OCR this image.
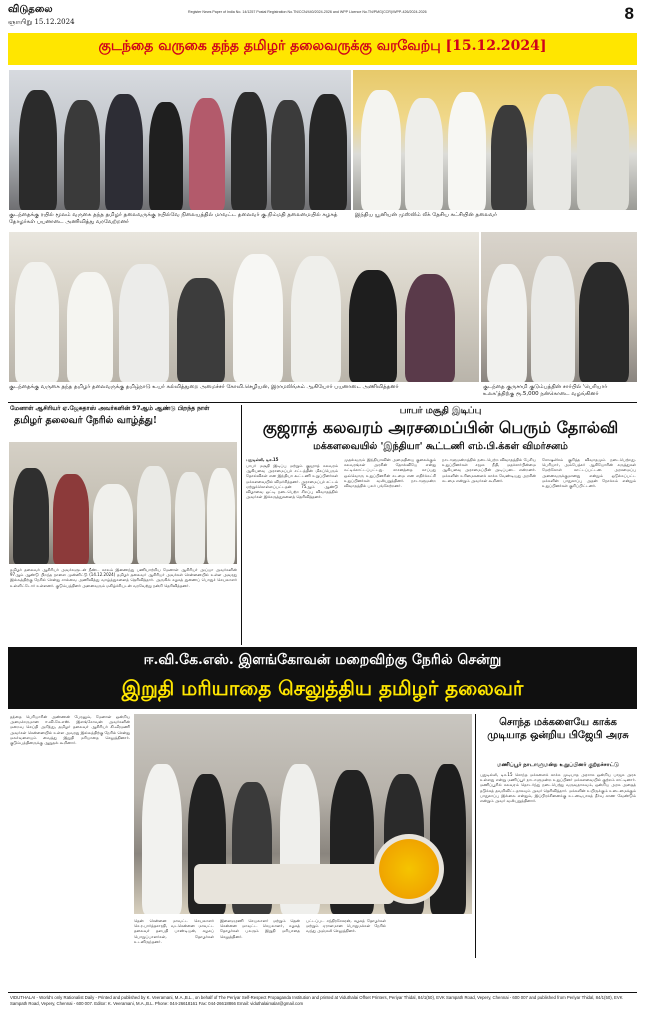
விடுதலை
ஞாயிறு 15.12.2024
Register News Paper of India No. 14/1257 Postal Registration No.TN/CCN/440/2024-2026 and WPP Licence No.TN/PMG(CCR)/WPP-426/2024-2026	8
குடந்தை வருகை தந்த தமிழர் தலைவருக்கு வரவேற்பு [15.12.2024]
குடந்தைக்கு ரயில் மூலம் வருகை தந்த தமிழர் தலைவருக்கு ரயில்வே நிலையத்தில் மாவட்ட தலைவர் கு.நிம்மதி தலைமையில் கழகத் தோழர்கள் பயனாடை அணிவித்து வரவேற்றனர்
இந்திய யூனியன் முஸ்லிம் லீக் தேசிய கட்சியின் தலைவர்
குடந்தைக்கு வருகை தந்த தமிழர் தலைவருக்கு தமிழ்நாடு உயர் கல்வித்துறை அமைச்சர் கோவி.செழியன், இராமலிங்கம் ஆகியோர் பயனாடை அணிவித்தனர்	குடந்தை குருசாமி குடும்பத்தின் சார்பில் 'பெரியார் உலக'த்திற்கு ரூ.5,000 நன்கொடை வழங்கினர்
மேனாள் ஆசிரியர் ஏ.ஜேசுதாஸ் அவர்களின் 97ஆம் ஆண்டு பிறந்த நாள்
தமிழர் தலைவர் நேரில் வாழ்த்து!
தமிழர் தலைவர் ஆசிரியர் அவர்களுடன் நீண்ட காலம் இணைந்து பணியாற்றிய மேனாள் ஆசிரியர் அய்யா அவர்களின் 97ஆம் ஆண்டு பிறந்த நாளை முன்னிட்டு (14.12.2024) தமிழர் தலைவர் ஆசிரியர் அவர்கள் சென்னையில் உள்ள அவரது இல்லத்திற்கு நேரில் சென்று சால்வை அணிவித்து வாழ்த்துகளைத் தெரிவித்தார். அருகில் கழகத் துணைப் பொதுச் செயலாளர் உள்ளிட்டோர் உள்ளனர். குடும்பத்தினர் அனைவரும் மகிழ்ச்சியுடன் வரவேற்று நன்றி தெரிவித்தனர்.
பாபர் மசூதி இடிப்பு
குஜராத் கலவரம் அரசமைப்பின் பெரும் தோல்வி
மக்களவையில் 'இந்தியா' கூட்டணி எம்.பி.க்கள் விமர்சனம்
புதுடில்லி, டிச.15
பாபர் மசூதி இடிப்பு மற்றும் குஜராத் கலவரம் ஆகியவை அரசமைப்புச் சட்டத்தின் மிகப்பெரும் தோல்விகள் என இந்தியா கூட்டணி உறுப்பினர்கள் மக்களவையில் விமர்சித்தனர். அரசமைப்புச் சட்டம் ஏற்றுக்கொள்ளப்பட்டதன் 75ஆம் ஆண்டு விழாவை ஒட்டி நடைபெற்ற சிறப்பு விவாதத்தில் அவர்கள் இக்கருத்துகளைத் தெரிவித்தனர்.
முதல்வரும் இந்தியாவின் அமைதியை குலைக்கும் கலவரங்கள் அரசின் தோல்வியே என்று சுட்டிக்காட்டப்பட்டது. சாசனத்தை காப்பது ஒவ்வொரு உறுப்பினரின் கடமை என எதிர்க்கட்சி உறுப்பினர்கள் வலியுறுத்தினர். நாடாளுமன்ற விவாதத்தில் பலர் பங்கேற்றனர்.
நாடாளுமன்றத்தில் நடைபெற்ற விவாதத்தில் பேசிய உறுப்பினர்கள் சமூக நீதி, மதச்சார்பின்மை ஆகியவை அரசமைப்பின் அடிப்படை என்றனர். மக்களின் உரிமைகளைக் காக்க வேண்டியது அரசின் கடமை என்றும் அவர்கள் கூறினர்.
சோஷலிசம் குறித்த விவாதமும் நடைபெற்றது. பெரியார், அம்பேத்கர் ஆகியோரின் கருத்துகள் மேற்கோள் காட்டப்பட்டன. அரசமைப்பு அனைவருக்குமானது என்றும் ஒடுக்கப்பட்ட மக்களின் பாதுகாப்பு அதன் நோக்கம் என்றும் உறுப்பினர்கள் குறிப்பிட்டனர்.
ஈ.வி.கே.எஸ். இளங்கோவன் மறைவிற்கு நேரில் சென்று
இறுதி மரியாதை செலுத்திய தமிழர் தலைவர்
தந்தை பெரியாரின் அண்ணன் பேரனும், மேனாள் ஒன்றிய அமைச்சருமான ஈ.வி.கே.எஸ். இளங்கோவன் அவர்களின் மறைவு செய்தி அறிந்து, தமிழர் தலைவர் ஆசிரியர் கி.வீரமணி அவர்கள் சென்னையில் உள்ள அவரது இல்லத்திற்கு நேரில் சென்று மலர்வளையம் வைத்து இறுதி மரியாதை செலுத்தினார். குடும்பத்தினருக்கு ஆறுதல் கூறினார்.
தென் சென்னை மாவட்ட செயலாளர் செ.ர.பார்த்தசாரதி, வடசென்னை மாவட்ட தலைவர் தளபதி பாண்டியன், கழகப் பொறுப்பாளர்கள், தோழர்கள் உடனிருந்தனர்.
இளைஞரணி செயலாளர் மற்றும் தென் சென்னை மாவட்ட செயலாளர், கழகத் தோழர்கள் பலரும் இறுதி மரியாதை செலுத்தினர்.
பட்டப்பட சந்திரசேகரன், கழகத் தோழர்கள் மற்றும் ஏராளமான பொதுமக்கள் நேரில் வந்து அஞ்சலி செலுத்தினர்.
சொந்த மக்களையே காக்க முடியாத ஒன்றிய பிஜேபி அரசு
மணிப்பூர் நாடாளுமன்ற உறுப்பினர் குற்றச்சாட்டு
புதுடில்லி, டிச.15 சொந்த மக்களைக் காக்க முடியாத அரசாக ஒன்றிய பாஜக அரசு உள்ளது என்று மணிப்பூர் நாடாளுமன்ற உறுப்பினர் மக்களவையில் குற்றம் சாட்டினார். மணிப்பூரில் கலவரம் தொடர்ந்து நடைபெற்று வருவதாகவும், ஒன்றிய அரசு அதைத் தடுக்கத் தவறிவிட்டதாகவும் அவர் தெரிவித்தார். மக்களின் உயிருக்கும் உடைமைக்கும் பாதுகாப்பு இல்லை என்றும், இப்பிரச்சினைக்கு உடனடியாகத் தீர்வு காண வேண்டும் என்றும் அவர் வலியுறுத்தினார்.
VIDUTHALAI - World's only Rationalist Daily - Printed and published by K. Veeramani, M.A.,B.L., on behalf of The Periyar Self-Respect Propaganda Institution and printed at Viduthalai Offset Printers, Periyar Thidal, 84/1(50), EVK Sampath Road, Vepery, Chennai - 600 007 and published from Periyar Thidal, 84/1(50), EVK Sampath Road, Vepery, Chennai - 600 007. Editor: K. Veeramani, M.A.,B.L. Phone: 044-26618161 Fax: 044-26618866 Email: viduthalaimalar@gmail.com
